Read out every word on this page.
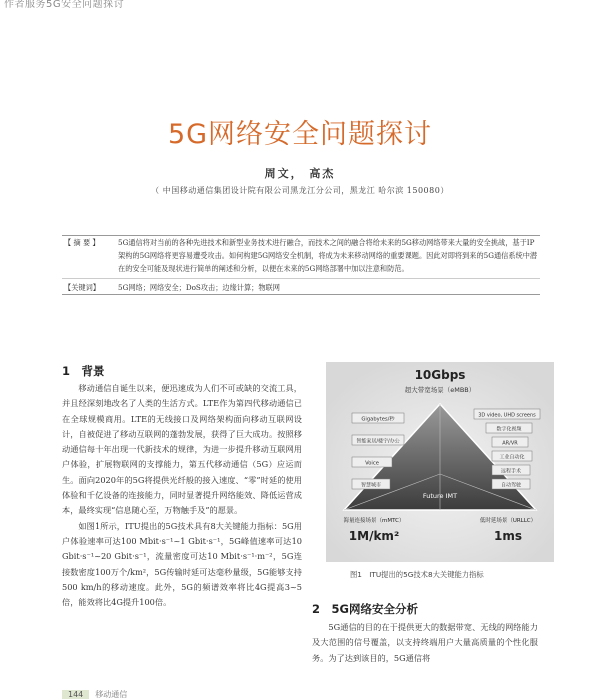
作者服务5G安全问题探讨
5G网络安全问题探讨
周文， 高杰
（ 中国移动通信集团设计院有限公司黑龙江分公司，黑龙江 哈尔滨 150080）
【 摘 要 】	5G通信将对当前的各种先进技术和新型业务技术进行融合，而技术之间的融合将给未来的5G移动网络带来大量的安全挑战，基于IP架构的5G网络将更容易遭受攻击。如何构建5G网络安全机制，将成为未来移动网络的重要课题。因此对即将到来的5G通信系统中潜在的安全可能及现状进行简单的阐述和分析，以便在未来的5G网络部署中加以注意和防范。
【关键词】	5G网络；网络安全；DoS攻击；边缘计算；物联网
1　背景

移动通信自诞生以来，便迅速成为人们不可或缺的交流工具，并且经深刻地改名了人类的生活方式。LTE作为第四代移动通信已在全球规模商用。LTE的无线接口及网络架构面向移动互联网设计，自被促进了移动互联网的蓬勃发展，获得了巨大成功。按照移动通信每十年出现一代新技术的规律，为进一步提升移动互联网用户体验，扩展物联网的支撑能力，第五代移动通信（5G）应运而生。面向2020年的5G将提供光纤般的接入速度、“零”时延的使用体验和千亿设备的连接能力，同时显著提升网络能效、降低运营成本，最终实现“信息随心至，万物触手及”的愿景。

如图1所示，ITU提出的5G技术具有8大关键能力指标：5G用户体验速率可达100 Mbit·s⁻¹~1 Gbit·s⁻¹，5G峰值速率可达10 Gbit·s⁻¹~20 Gbit·s⁻¹，流量密度可达10 Mbit·s⁻¹·m⁻²，5G连接数密度100万个/km²，5G传输时延可达毫秒量级，5G能够支持500 km/h的移动速度。此外，5G的频谱效率将比4G提高3~5倍，能效将比4G提升100倍。

10Gbps
超大带宽场景（eMBB）
Gigabytes/秒
智能家居/楼宇/办公
Voice
智慧城市
3D video, UHD screens
数字化视频
AR/VR
工业自动化
远程手术
自动驾驶
Future IMT
海量连接场景（mMTC）
1M/km²
低时延场景（URLLC）
1ms
图1　ITU提出的5G技术8大关键能力指标
2　5G网络安全分析

5G通信的目的在于提供更大的数据带宽、无线的网络能力及大范围的信号覆盖，以支持终端用户大量高质量的个性化服务。为了达到该目的，5G通信将

144 移动通信
